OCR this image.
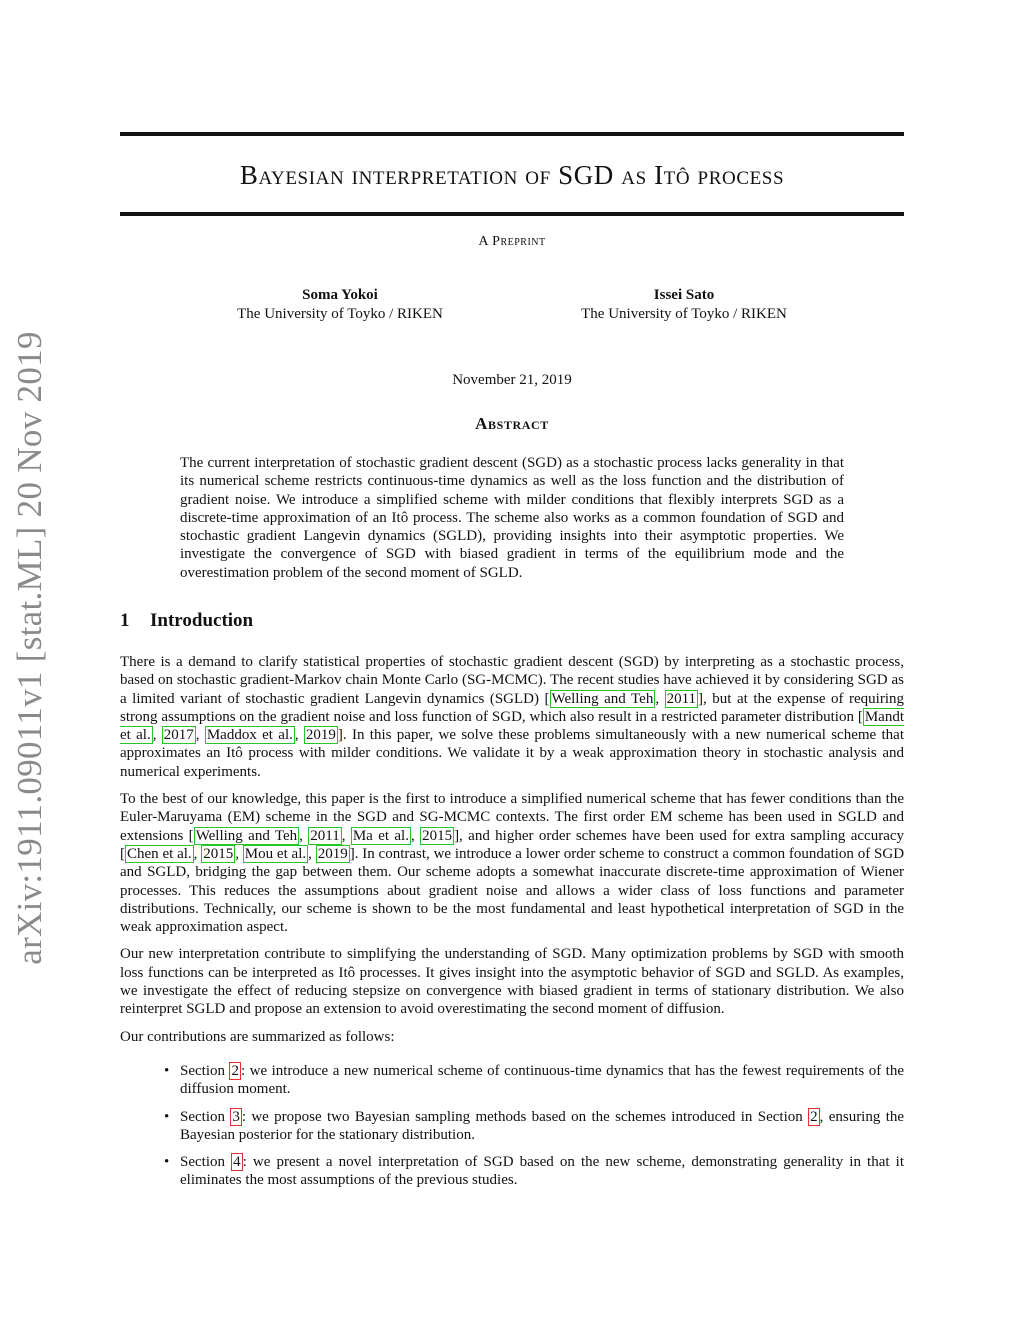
arXiv:1911.09011v1 [stat.ML] 20 Nov 2019
Bayesian interpretation of SGD as Itô process
A Preprint
Soma Yokoi
The University of Toyko / RIKEN
Issei Sato
The University of Toyko / RIKEN
November 21, 2019
Abstract
The current interpretation of stochastic gradient descent (SGD) as a stochastic process lacks generality in that its numerical scheme restricts continuous-time dynamics as well as the loss function and the distribution of gradient noise. We introduce a simplified scheme with milder conditions that flexibly interprets SGD as a discrete-time approximation of an Itô process. The scheme also works as a common foundation of SGD and stochastic gradient Langevin dynamics (SGLD), providing insights into their asymptotic properties. We investigate the convergence of SGD with biased gradient in terms of the equilibrium mode and the overestimation problem of the second moment of SGLD.
1 Introduction

There is a demand to clarify statistical properties of stochastic gradient descent (SGD) by interpreting as a stochastic process, based on stochastic gradient-Markov chain Monte Carlo (SG-MCMC). The recent studies have achieved it by considering SGD as a limited variant of stochastic gradient Langevin dynamics (SGLD) [ Welling and Teh , 2011 ], but at the expense of requiring strong assumptions on the gradient noise and loss function of SGD, which also result in a restricted parameter distribution [ Mandt et al. , 2017 , Maddox et al. , 2019 ]. In this paper, we solve these problems simultaneously with a new numerical scheme that approximates an Itô process with milder conditions. We validate it by a weak approximation theory in stochastic analysis and numerical experiments.

To the best of our knowledge, this paper is the first to introduce a simplified numerical scheme that has fewer conditions than the Euler-Maruyama (EM) scheme in the SGD and SG-MCMC contexts. The first order EM scheme has been used in SGLD and extensions [ Welling and Teh , 2011 , Ma et al. , 2015 ], and higher order schemes have been used for extra sampling accuracy [ Chen et al. , 2015 , Mou et al. , 2019 ]. In contrast, we introduce a lower order scheme to construct a common foundation of SGD and SGLD, bridging the gap between them. Our scheme adopts a somewhat inaccurate discrete-time approximation of Wiener processes. This reduces the assumptions about gradient noise and allows a wider class of loss functions and parameter distributions. Technically, our scheme is shown to be the most fundamental and least hypothetical interpretation of SGD in the weak approximation aspect.

Our new interpretation contribute to simplifying the understanding of SGD. Many optimization problems by SGD with smooth loss functions can be interpreted as Itô processes. It gives insight into the asymptotic behavior of SGD and SGLD. As examples, we investigate the effect of reducing stepsize on convergence with biased gradient in terms of stationary distribution. We also reinterpret SGLD and propose an extension to avoid overestimating the second moment of diffusion.

Our contributions are summarized as follows:

• Section 2 : we introduce a new numerical scheme of continuous-time dynamics that has the fewest requirements of the diffusion moment.
• Section 3 : we propose two Bayesian sampling methods based on the schemes introduced in Section 2 , ensuring the Bayesian posterior for the stationary distribution.
• Section 4 : we present a novel interpretation of SGD based on the new scheme, demonstrating generality in that it eliminates the most assumptions of the previous studies.
